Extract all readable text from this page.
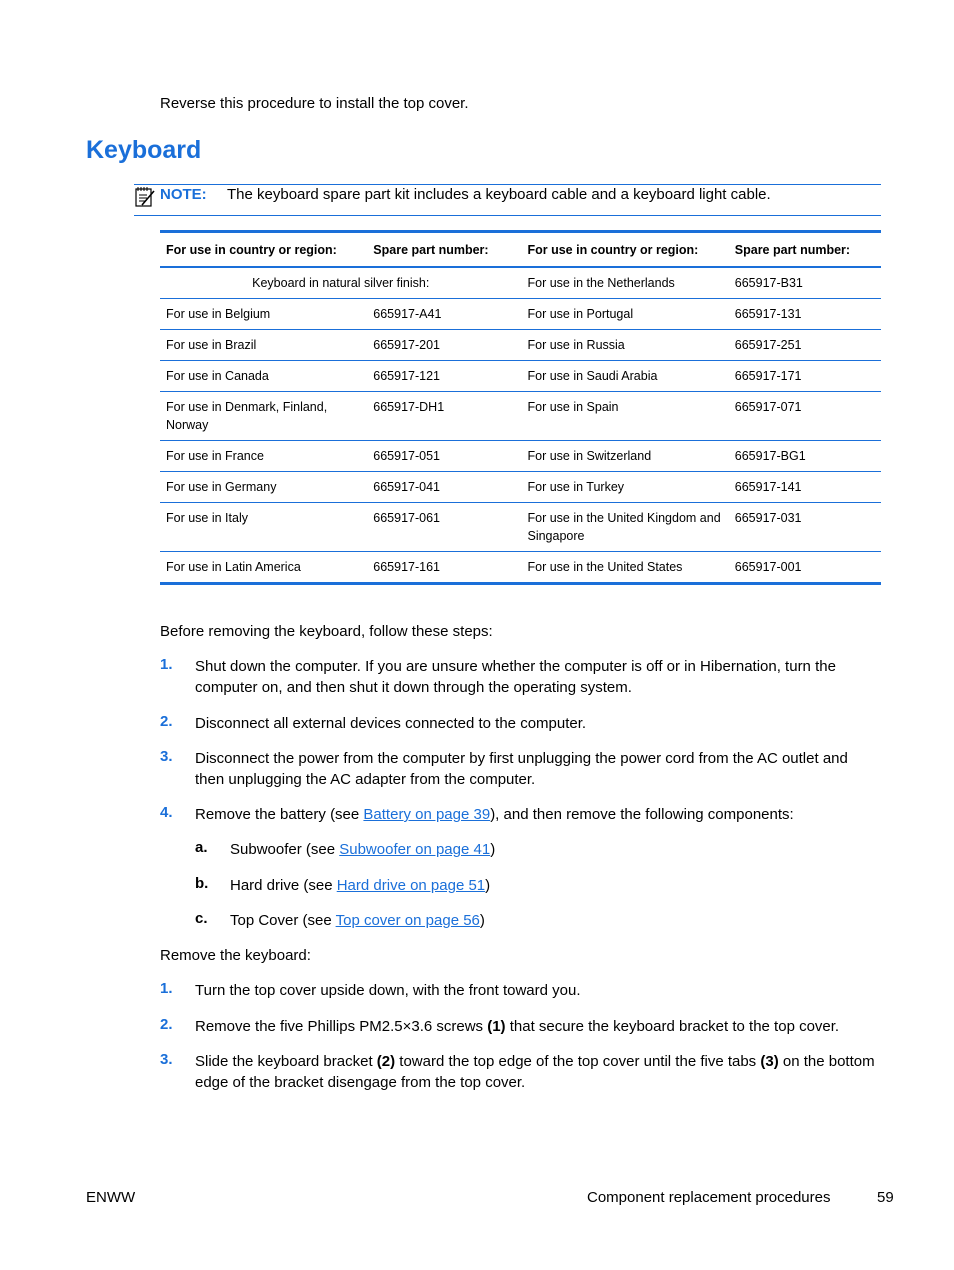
Reverse this procedure to install the top cover.
Keyboard
NOTE: The keyboard spare part kit includes a keyboard cable and a keyboard light cable.
For use in country or region:	Spare part number:	For use in country or region:	Spare part number:
Keyboard in natural silver finish:		For use in the Netherlands	665917-B31
For use in Belgium	665917-A41	For use in Portugal	665917-131
For use in Brazil	665917-201	For use in Russia	665917-251
For use in Canada	665917-121	For use in Saudi Arabia	665917-171
For use in Denmark, Finland, Norway	665917-DH1	For use in Spain	665917-071
For use in France	665917-051	For use in Switzerland	665917-BG1
For use in Germany	665917-041	For use in Turkey	665917-141
For use in Italy	665917-061	For use in the United Kingdom and Singapore	665917-031
For use in Latin America	665917-161	For use in the United States	665917-001
Before removing the keyboard, follow these steps:
1. Shut down the computer. If you are unsure whether the computer is off or in Hibernation, turn the computer on, and then shut it down through the operating system.
2. Disconnect all external devices connected to the computer.
3. Disconnect the power from the computer by first unplugging the power cord from the AC outlet and then unplugging the AC adapter from the computer.
4. Remove the battery (see Battery on page 39), and then remove the following components:
a. Subwoofer (see Subwoofer on page 41)
b. Hard drive (see Hard drive on page 51)
c. Top Cover (see Top cover on page 56)
Remove the keyboard:
1. Turn the top cover upside down, with the front toward you.
2. Remove the five Phillips PM2.5×3.6 screws (1) that secure the keyboard bracket to the top cover.
3. Slide the keyboard bracket (2) toward the top edge of the top cover until the five tabs (3) on the bottom edge of the bracket disengage from the top cover.
ENWW	Component replacement procedures	59
